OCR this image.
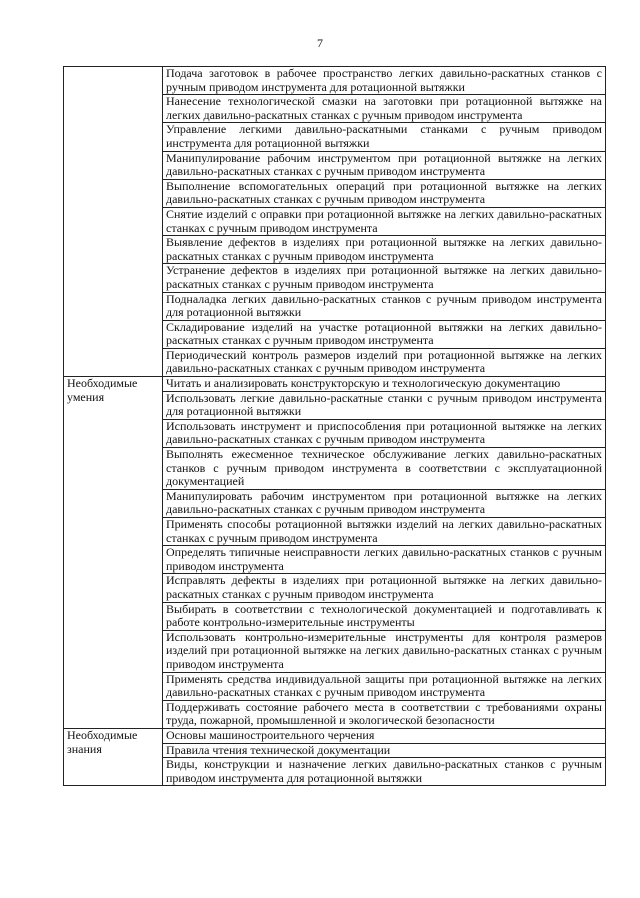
7
	Подача заготовок в рабочее пространство легких давильно-раскатных станков с ручным приводом инструмента для ротационной вытяжки
	Нанесение технологической смазки на заготовки при ротационной вытяжке на легких давильно-раскатных станках с ручным приводом инструмента
	Управление легкими давильно-раскатными станками с ручным приводом инструмента для ротационной вытяжки
	Манипулирование рабочим инструментом при ротационной вытяжке на легких давильно-раскатных станках с ручным приводом инструмента
	Выполнение вспомогательных операций при ротационной вытяжке на легких давильно-раскатных станках с ручным приводом инструмента
	Снятие изделий с оправки при ротационной вытяжке на легких давильно-раскатных станках с ручным приводом инструмента
	Выявление дефектов в изделиях при ротационной вытяжке на легких давильно-раскатных станках с ручным приводом инструмента
	Устранение дефектов в изделиях при ротационной вытяжке на легких давильно-раскатных станках с ручным приводом инструмента
	Подналадка легких давильно-раскатных станков с ручным приводом инструмента для ротационной вытяжки
	Складирование изделий на участке ротационной вытяжки на легких давильно-раскатных станках с ручным приводом инструмента
	Периодический контроль размеров изделий при ротационной вытяжке на легких давильно-раскатных станках с ручным приводом инструмента
Необходимые умения	Читать и анализировать конструкторскую и технологическую документацию
	Использовать легкие давильно-раскатные станки с ручным приводом инструмента для ротационной вытяжки
	Использовать инструмент и приспособления при ротационной вытяжке на легких давильно-раскатных станках с ручным приводом инструмента
	Выполнять ежесменное техническое обслуживание легких давильно-раскатных станков с ручным приводом инструмента в соответствии с эксплуатационной документацией
	Манипулировать рабочим инструментом при ротационной вытяжке на легких давильно-раскатных станках с ручным приводом инструмента
	Применять способы ротационной вытяжки изделий на легких давильно-раскатных станках с ручным приводом инструмента
	Определять типичные неисправности легких давильно-раскатных станков с ручным приводом инструмента
	Исправлять дефекты в изделиях при ротационной вытяжке на легких давильно-раскатных станках с ручным приводом инструмента
	Выбирать в соответствии с технологической документацией и подготавливать к работе контрольно-измерительные инструменты
	Использовать контрольно-измерительные инструменты для контроля размеров изделий при ротационной вытяжке на легких давильно-раскатных станках с ручным приводом инструмента
	Применять средства индивидуальной защиты при ротационной вытяжке на легких давильно-раскатных станках с ручным приводом инструмента
	Поддерживать состояние рабочего места в соответствии с требованиями охраны труда, пожарной, промышленной и экологической безопасности
Необходимые знания	Основы машиностроительного черчения
	Правила чтения технической документации
	Виды, конструкции и назначение легких давильно-раскатных станков с ручным приводом инструмента для ротационной вытяжки
